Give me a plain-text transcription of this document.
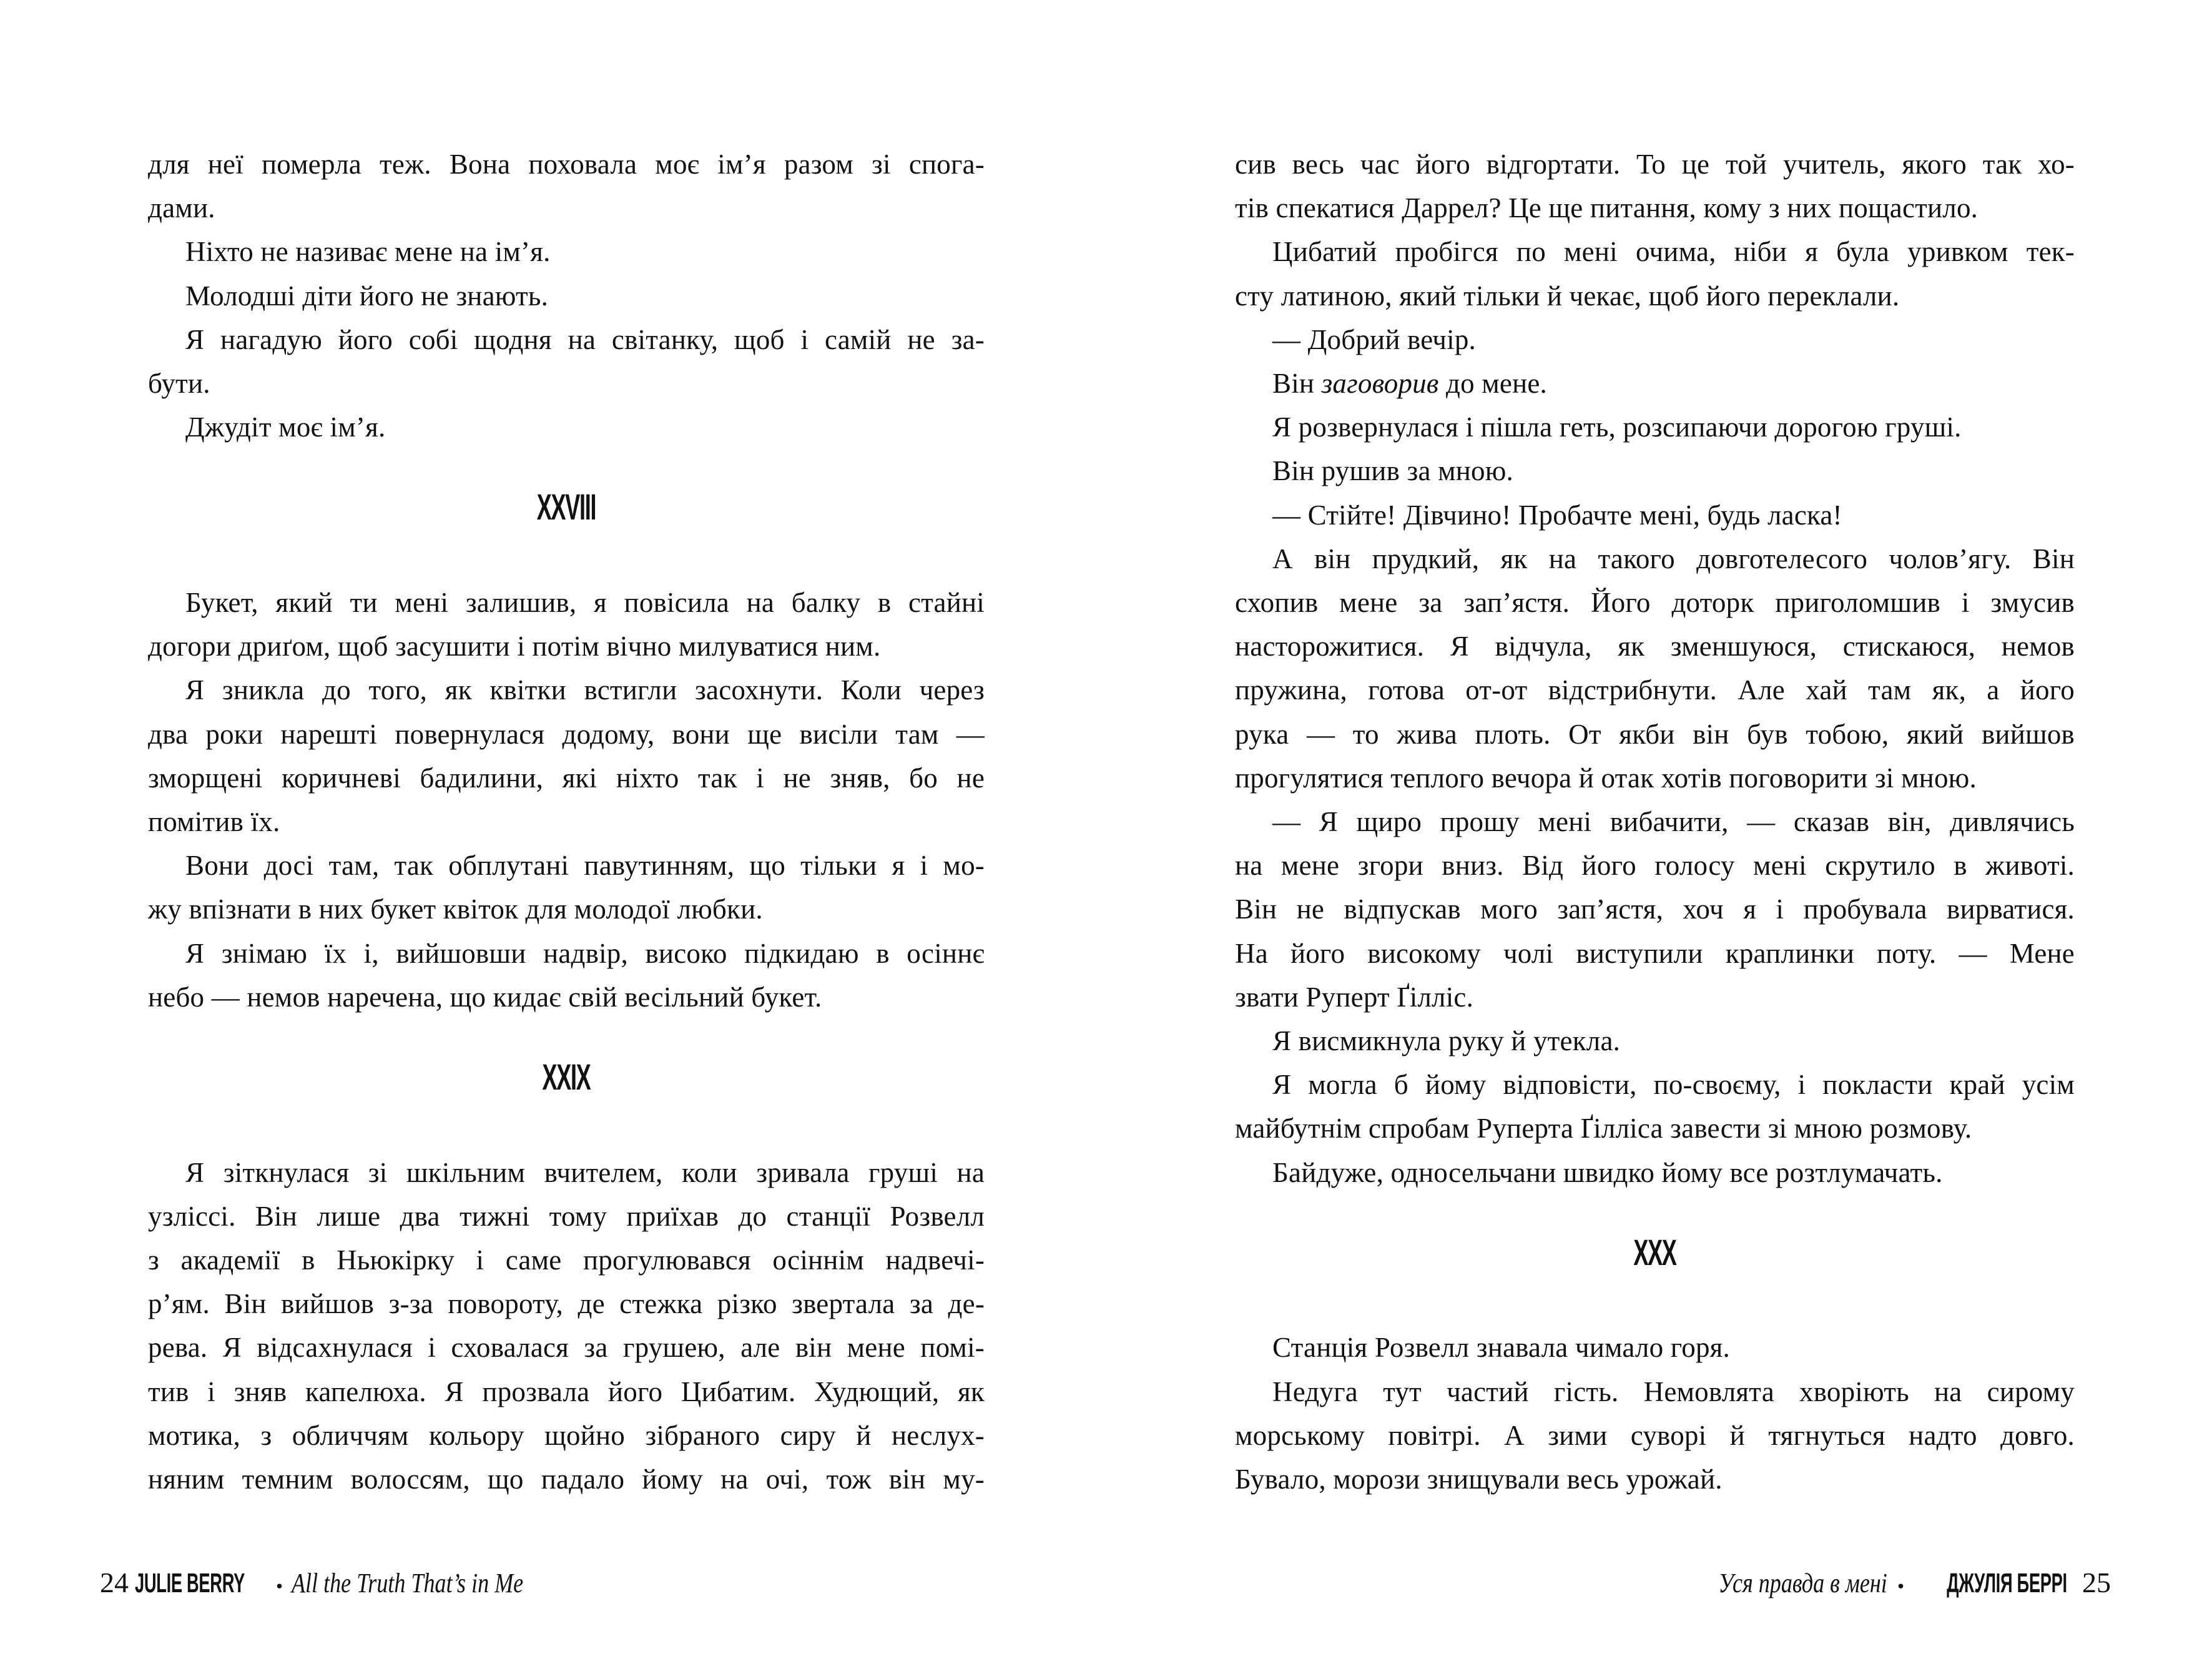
для неї померла теж. Вона поховала моє ім’я разом зі спога-
дами.
Ніхто не називає мене на ім’я.
Молодші діти його не знають.
Я нагадую його собі щодня на світанку, щоб і самій не за-
бути.
Джудіт моє ім’я.
XXVIII
Букет, який ти мені залишив, я повісила на балку в стайні
догори дриґом, щоб засушити і потім вічно милуватися ним.
Я зникла до того, як квітки встигли засохнути. Коли через
два роки нарешті повернулася додому, вони ще висіли там —
зморщені коричневі бадилини, які ніхто так і не зняв, бо не
помітив їх.
Вони досі там, так обплутані павутинням, що тільки я і мо-
жу впізнати в них букет квіток для молодої любки.
Я знімаю їх і, вийшовши надвір, високо підкидаю в осіннє
небо — немов наречена, що кидає свій весільний букет.
XXIX
Я зіткнулася зі шкільним вчителем, коли зривала груші на
узліссі. Він лише два тижні тому приїхав до станції Розвелл
з академії в Ньюкірку і саме прогулювався осіннім надвечі-
р’ям. Він вийшов з-за повороту, де стежка різко звертала за де-
рева. Я відсахнулася і сховалася за грушею, але він мене помі-
тив і зняв капелюха. Я прозвала його Цибатим. Худющий, як
мотика, з обличчям кольору щойно зібраного сиру й неслух-
няним темним волоссям, що падало йому на очі, тож він му-
24 JULIE BERRY • All the Truth That’s in Me
сив весь час його відгортати. То це той учитель, якого так хо-
тів спекатися Даррел? Це ще питання, кому з них пощастило.
Цибатий пробігся по мені очима, ніби я була уривком тек-
сту латиною, який тільки й чекає, щоб його переклали.
— Добрий вечір.
Він заговорив до мене.
Я розвернулася і пішла геть, розсипаючи дорогою груші.
Він рушив за мною.
— Стійте! Дівчино! Пробачте мені, будь ласка!
А він прудкий, як на такого довготелесого чолов’ягу. Він
схопив мене за зап’ястя. Його доторк приголомшив і змусив
насторожитися. Я відчула, як зменшуюся, стискаюся, немов
пружина, готова от-от відстрибнути. Але хай там як, а його
рука — то жива плоть. От якби він був тобою, який вийшов
прогулятися теплого вечора й отак хотів поговорити зі мною.
— Я щиро прошу мені вибачити, — сказав він, дивлячись
на мене згори вниз. Від його голосу мені скрутило в животі.
Він не відпускав мого зап’ястя, хоч я і пробувала вирватися.
На його високому чолі виступили краплинки поту. — Мене
звати Руперт Ґілліс.
Я висмикнула руку й утекла.
Я могла б йому відповісти, по-своєму, і покласти край усім
майбутнім спробам Руперта Ґілліса завести зі мною розмову.
Байдуже, односельчани швидко йому все розтлумачать.
XXX
Станція Розвелл знавала чимало горя.
Недуга тут частий гість. Немовлята хворіють на сирому
морському повітрі. А зими суворі й тягнуться надто довго.
Бувало, морози знищували весь урожай.
Уся правда в мені • ДЖУЛІЯ БЕРРІ 25
